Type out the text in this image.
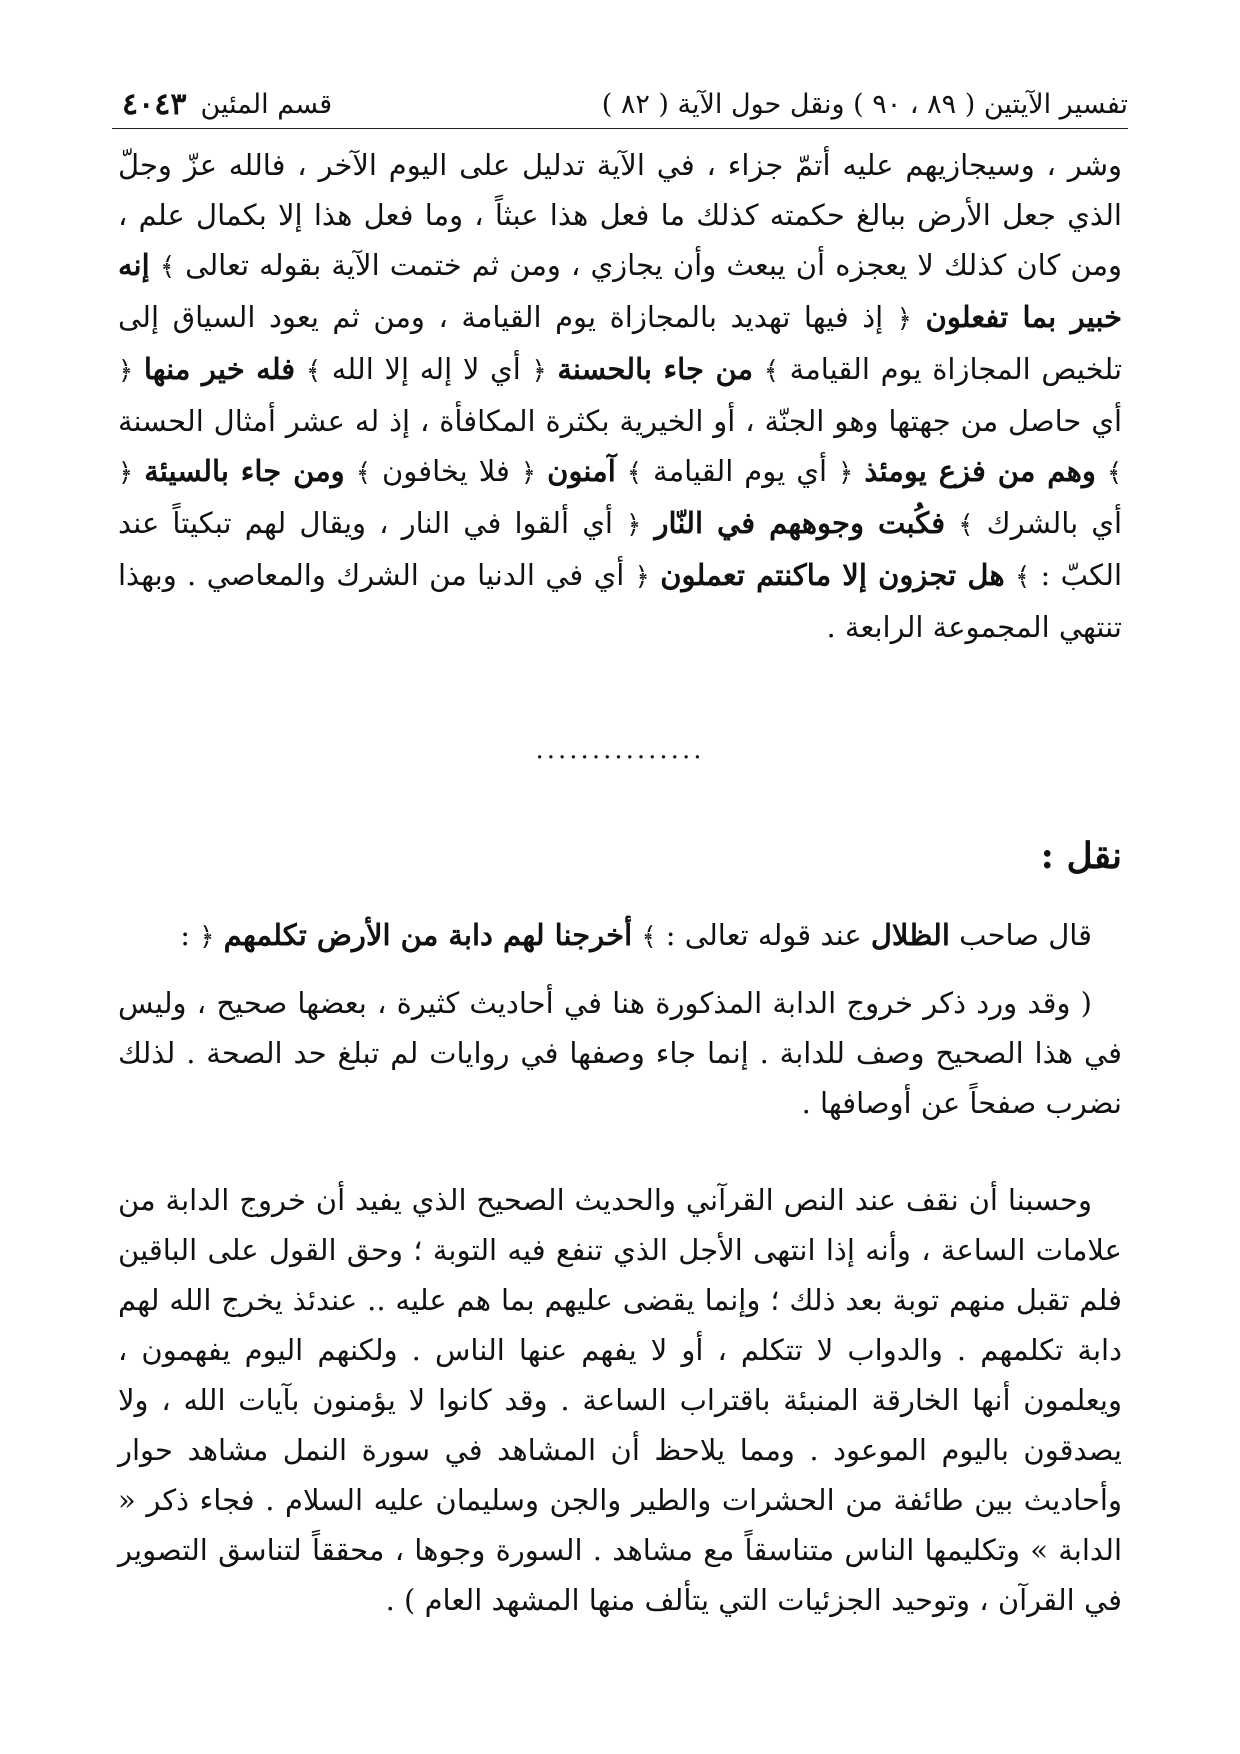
تفسير الآيتين ( ٨٩ ، ٩٠ ) ونقل حول الآية ( ٨٢ )
قسم المئين
٤٠٤٣
وشر ، وسيجازيهم عليه أتمّ جزاء ، في الآية تدليل على اليوم الآخر ، فالله عزّ وجلّ الذي جعل الأرض ببالغ حكمته كذلك ما فعل هذا عبثاً ، وما فعل هذا إلا بكمال علم ، ومن كان كذلك لا يعجزه أن يبعث وأن يجازي ، ومن ثم ختمت الآية بقوله تعالى ﴾ إنه خبير بما تفعلون ﴿ إذ فيها تهديد بالمجازاة يوم القيامة ، ومن ثم يعود السياق إلى تلخيص المجازاة يوم القيامة ﴾ من جاء بالحسنة ﴿ أي لا إله إلا الله ﴾ فله خير منها ﴿ أي حاصل من جهتها وهو الجنّة ، أو الخيرية بكثرة المكافأة ، إذ له عشر أمثال الحسنة ﴾ وهم من فزع يومئذ ﴿ أي يوم القيامة ﴾ آمنون ﴿ فلا يخافون ﴾ ومن جاء بالسيئة ﴿ أي بالشرك ﴾ فكُبت وجوههم في النّار ﴿ أي ألقوا في النار ، ويقال لهم تبكيتاً عند الكبّ : ﴾ هل تجزون إلا ماكنتم تعملون ﴿ أي في الدنيا من الشرك والمعاصي . وبهذا تنتهي المجموعة الرابعة .
...............
نقل :
قال صاحب الظلال عند قوله تعالى : ﴾ أخرجنا لهم دابة من الأرض تكلمهم ﴿ :
( وقد ورد ذكر خروج الدابة المذكورة هنا في أحاديث كثيرة ، بعضها صحيح ، وليس في هذا الصحيح وصف للدابة . إنما جاء وصفها في روايات لم تبلغ حد الصحة . لذلك نضرب صفحاً عن أوصافها .
وحسبنا أن نقف عند النص القرآني والحديث الصحيح الذي يفيد أن خروج الدابة من علامات الساعة ، وأنه إذا انتهى الأجل الذي تنفع فيه التوبة ؛ وحق القول على الباقين فلم تقبل منهم توبة بعد ذلك ؛ وإنما يقضى عليهم بما هم عليه .. عندئذ يخرج الله لهم دابة تكلمهم . والدواب لا تتكلم ، أو لا يفهم عنها الناس . ولكنهم اليوم يفهمون ، ويعلمون أنها الخارقة المنبئة باقتراب الساعة . وقد كانوا لا يؤمنون بآيات الله ، ولا يصدقون باليوم الموعود . ومما يلاحظ أن المشاهد في سورة النمل مشاهد حوار وأحاديث بين طائفة من الحشرات والطير والجن وسليمان عليه السلام . فجاء ذكر « الدابة » وتكليمها الناس متناسقاً مع مشاهد . السورة وجوها ، محققاً لتناسق التصوير في القرآن ، وتوحيد الجزئيات التي يتألف منها المشهد العام ) .
